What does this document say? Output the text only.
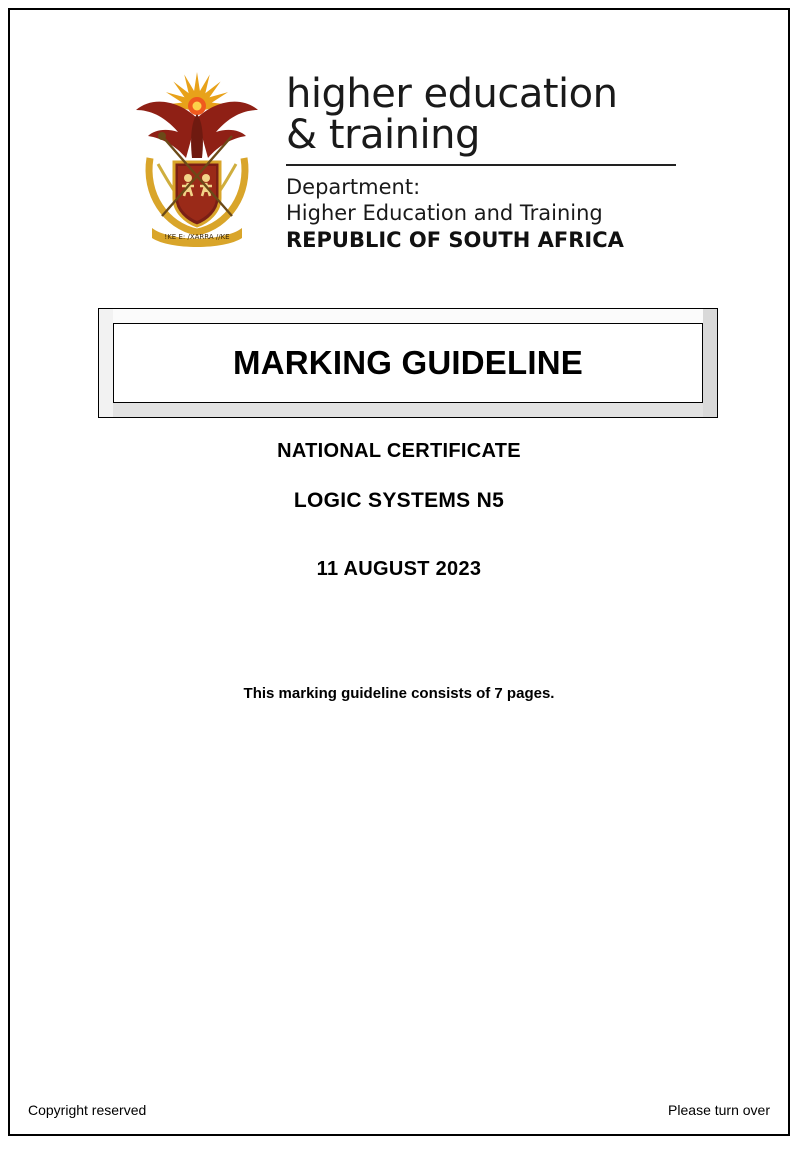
!KE E: /XARRA //KE
higher education
& training
Department:
Higher Education and Training
REPUBLIC OF SOUTH AFRICA
MARKING GUIDELINE
NATIONAL CERTIFICATE
LOGIC SYSTEMS N5
11 AUGUST 2023
This marking guideline consists of 7 pages.
Copyright reserved	Please turn over
